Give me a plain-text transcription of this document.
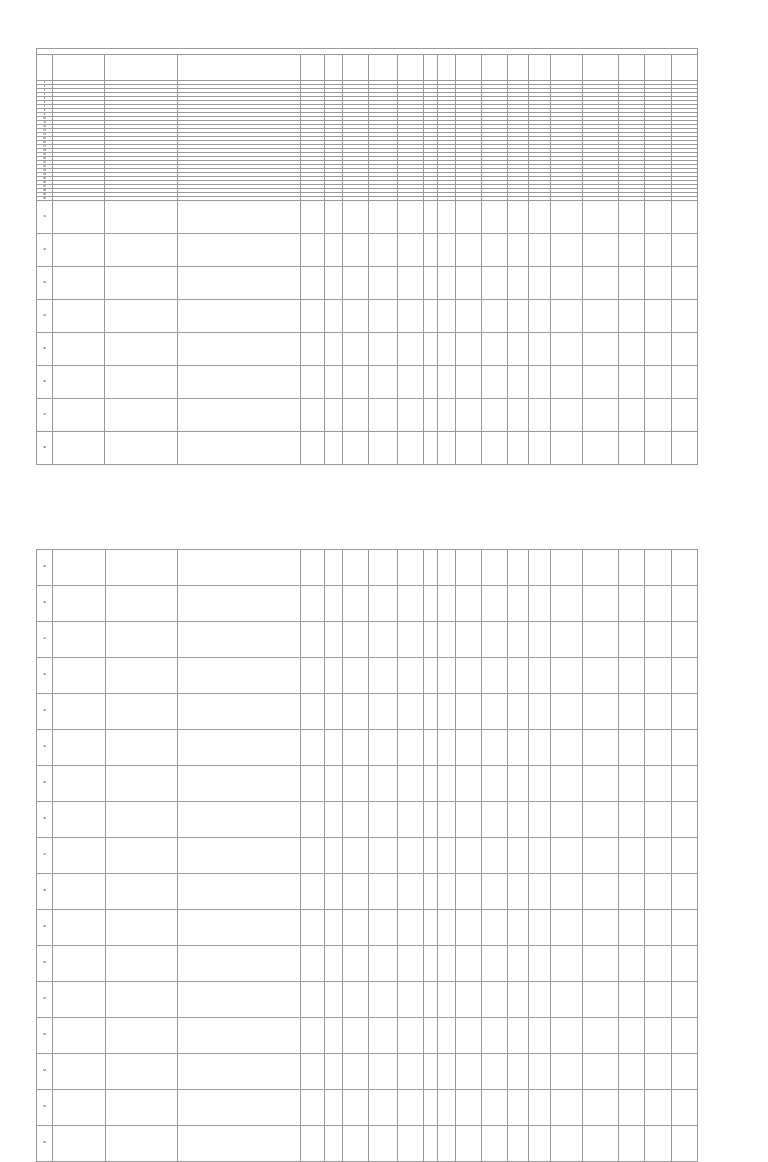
1																			
2																			
3																			
4																			
5																			
6																			
7																			
8																			
9																			
10																			
11																			
12																			
13																			
14																			
15																			
16																			
17																			
18																			
19																			
20																			
21																			
22																			
23																			
24																			
25																			
26																			
27																			
28																			
29																			
30																			
31																			
32																			
33																			
34																			
35																			
36																			
37																			
38																			
39																			
40																			
41																			
42																			
43																			
44																			
45																			
46																			
47																			
48																			
49																			
50																			
51																			
52																			
53																			
54																			
55																			
